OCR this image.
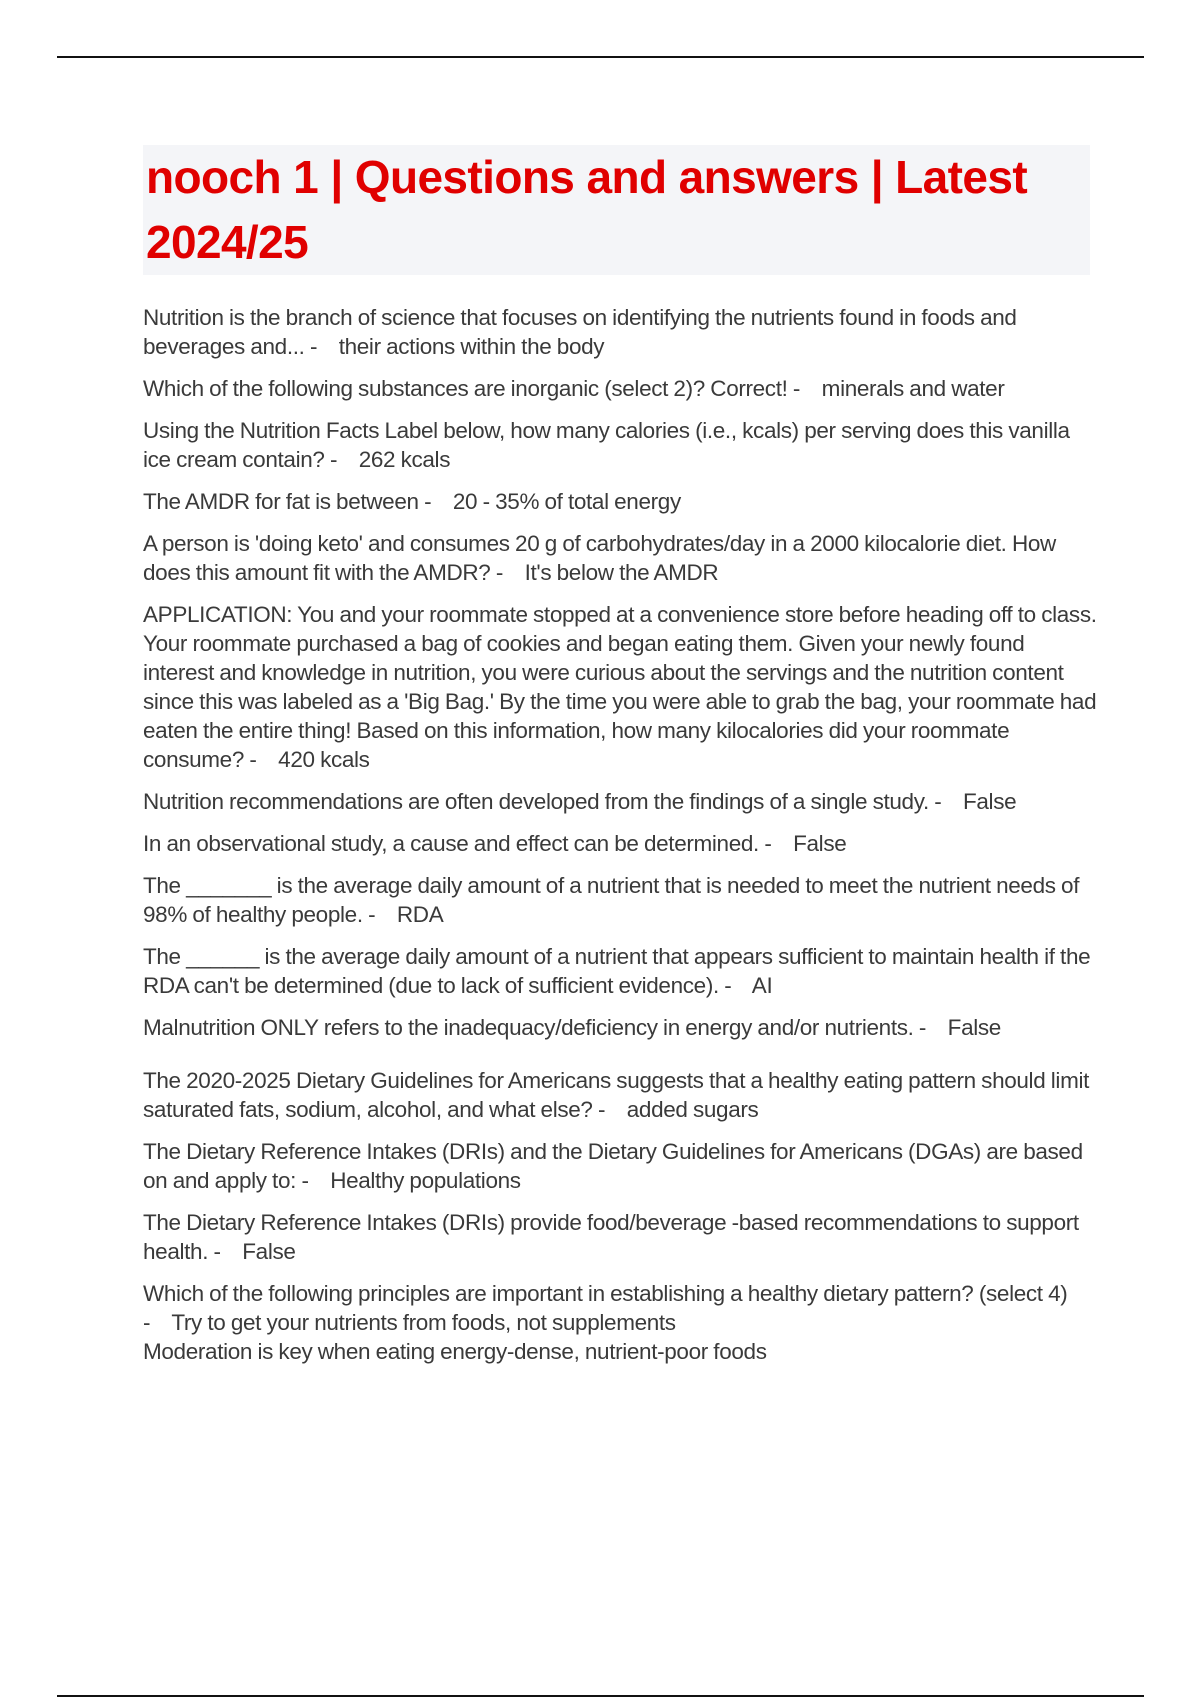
nooch 1 | Questions and answers | Latest 2024/25
Nutrition is the branch of science that focuses on identifying the nutrients found in foods and beverages and... - their actions within the body
Which of the following substances are inorganic (select 2)? Correct! - minerals and water
Using the Nutrition Facts Label below, how many calories (i.e., kcals) per serving does this vanilla ice cream contain? - 262 kcals
The AMDR for fat is between - 20 - 35% of total energy
A person is 'doing keto' and consumes 20 g of carbohydrates/day in a 2000 kilocalorie diet. How does this amount fit with the AMDR? - It's below the AMDR
APPLICATION: You and your roommate stopped at a convenience store before heading off to class. Your roommate purchased a bag of cookies and began eating them. Given your newly found interest and knowledge in nutrition, you were curious about the servings and the nutrition content since this was labeled as a 'Big Bag.' By the time you were able to grab the bag, your roommate had eaten the entire thing! Based on this information, how many kilocalories did your roommate consume? - 420 kcals
Nutrition recommendations are often developed from the findings of a single study. - False
In an observational study, a cause and effect can be determined. - False
The _______ is the average daily amount of a nutrient that is needed to meet the nutrient needs of 98% of healthy people. - RDA
The ______ is the average daily amount of a nutrient that appears sufficient to maintain health if the RDA can't be determined (due to lack of sufficient evidence). - AI
Malnutrition ONLY refers to the inadequacy/deficiency in energy and/or nutrients. - False
The 2020-2025 Dietary Guidelines for Americans suggests that a healthy eating pattern should limit saturated fats, sodium, alcohol, and what else? - added sugars
The Dietary Reference Intakes (DRIs) and the Dietary Guidelines for Americans (DGAs) are based on and apply to: - Healthy populations
The Dietary Reference Intakes (DRIs) provide food/beverage -based recommendations to support health. - False
Which of the following principles are important in establishing a healthy dietary pattern? (select 4) - Try to get your nutrients from foods, not supplements
Moderation is key when eating energy-dense, nutrient-poor foods
